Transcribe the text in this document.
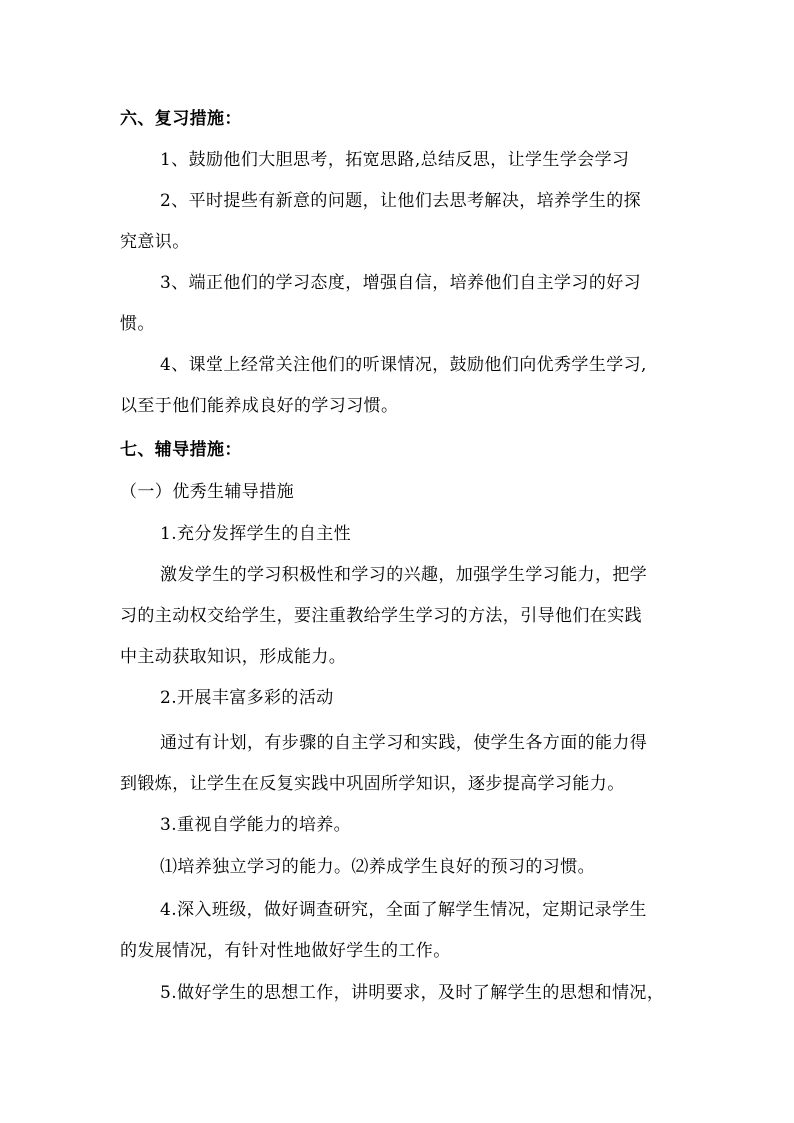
六、复习措施：
1、鼓励他们大胆思考，拓宽思路,总结反思，让学生学会学习
2、平时提些有新意的问题，让他们去思考解决，培养学生的探
究意识。
3、端正他们的学习态度，增强自信，培养他们自主学习的好习
惯。
4、课堂上经常关注他们的听课情况，鼓励他们向优秀学生学习,
以至于他们能养成良好的学习习惯。
七、辅导措施：
（一）优秀生辅导措施
1.充分发挥学生的自主性
激发学生的学习积极性和学习的兴趣，加强学生学习能力，把学
习的主动权交给学生，要注重教给学生学习的方法，引导他们在实践
中主动获取知识，形成能力。
2.开展丰富多彩的活动
通过有计划，有步骤的自主学习和实践，使学生各方面的能力得
到锻炼，让学生在反复实践中巩固所学知识，逐步提高学习能力。
3.重视自学能力的培养。
⑴培养独立学习的能力。⑵养成学生良好的预习的习惯。
4.深入班级，做好调查研究，全面了解学生情况，定期记录学生
的发展情况，有针对性地做好学生的工作。
5.做好学生的思想工作，讲明要求，及时了解学生的思想和情况，
